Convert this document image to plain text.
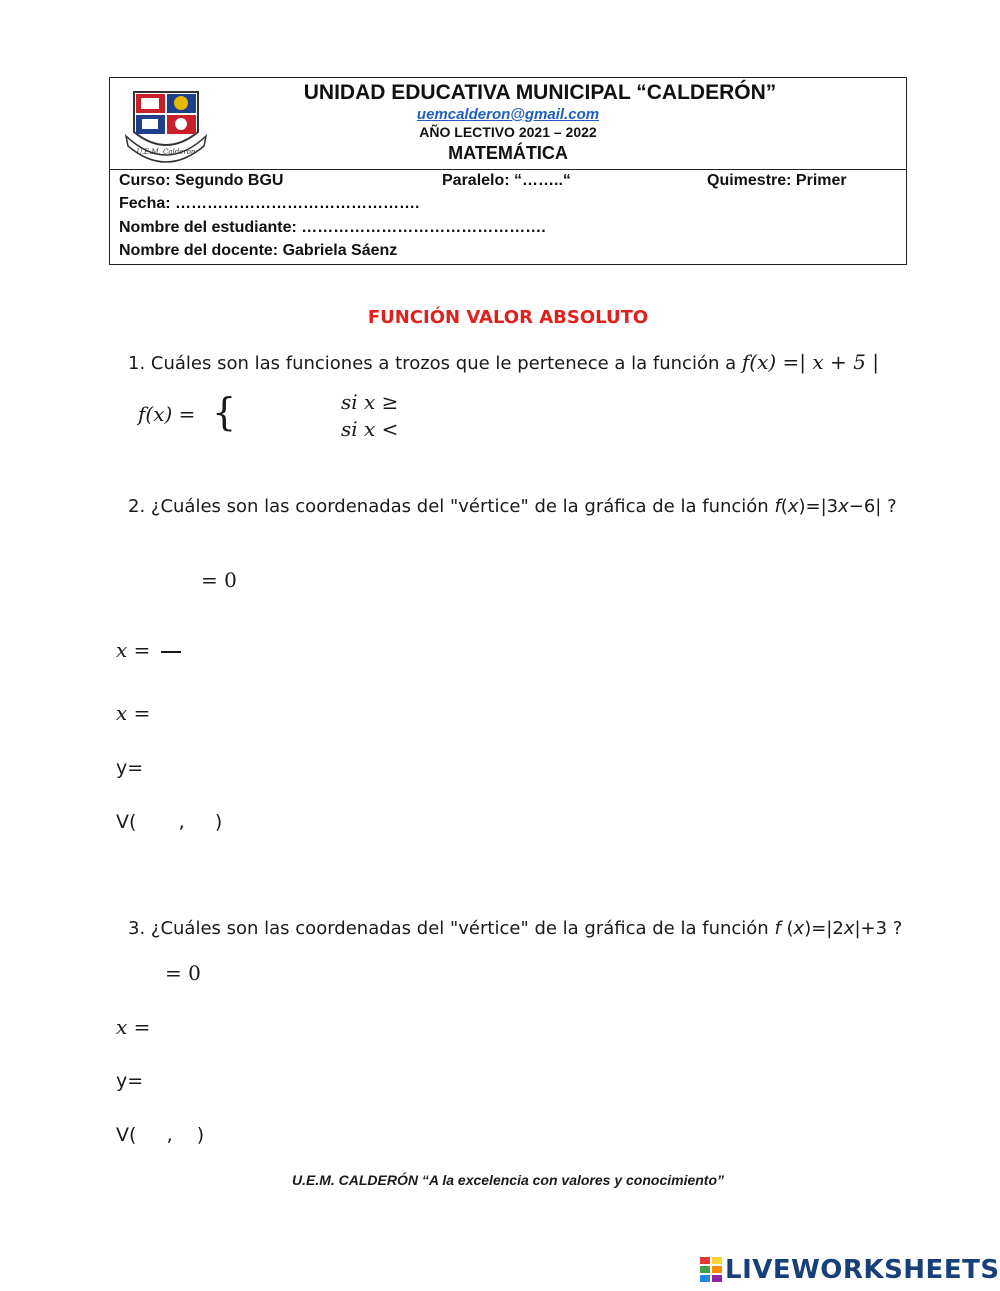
U.E.M. Calderón
UNIDAD EDUCATIVA MUNICIPAL “CALDERÓN”
uemcalderon@gmail.com
AÑO LECTIVO 2021 – 2022
MATEMÁTICA
Curso: Segundo BGU	Paralelo: “……..“	Quimestre: Primer
Fecha: ……………………………………….
Nombre del estudiante: ……………………………………….
Nombre del docente: Gabriela Sáenz
FUNCIÓN VALOR ABSOLUTO
1. Cuáles son las funciones a trozos que le pertenece a la función a 𝑓(𝑥) =| 𝑥 + 5 |
𝑓(𝑥) = {	𝑠𝑖 𝑥 ≥
𝑠𝑖 𝑥 <
2. ¿Cuáles son las coordenadas del "vértice" de la gráfica de la función f(x)=|3x−6| ?
= 0
𝑥 =
𝑥 =
y=
V(       ,     )
3. ¿Cuáles son las coordenadas del "vértice" de la gráfica de la función f (x)=|2x|+3 ?
= 0
𝑥 =
y=
V(     ,    )
U.E.M. CALDERÓN “A la excelencia con valores y conocimiento”
LIVEWORKSHEETS
